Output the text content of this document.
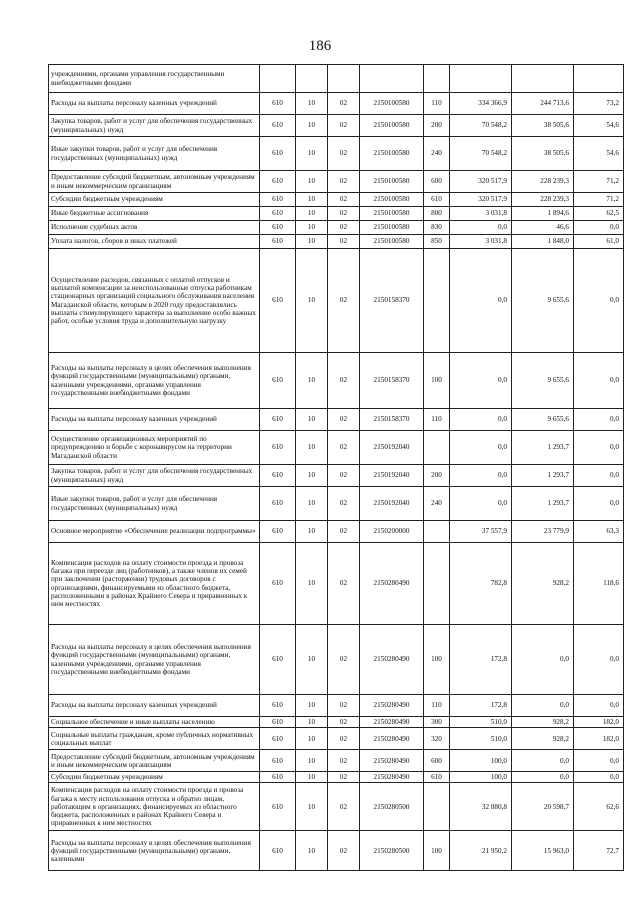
186
учреждениями, органами управления государственными внебюджетными фондами								
Расходы на выплаты персоналу казенных учреждений	610	10	02	2150100580	110	334 366,9	244 713,6	73,2
Закупка товаров, работ и услуг для обеспечения государственных (муниципальных) нужд	610	10	02	2150100580	200	70 548,2	38 505,6	54,6
Иные закупки товаров, работ и услуг для обеспечения государственных (муниципальных) нужд	610	10	02	2150100580	240	70 548,2	38 505,6	54,6
Предоставление субсидий бюджетным, автономным учреждениям и иным некоммерческим организациям	610	10	02	2150100580	600	320 517,9	228 239,3	71,2
Субсидии бюджетным учреждениям	610	10	02	2150100580	610	320 517,9	228 239,3	71,2
Иные бюджетные ассигнования	610	10	02	2150100580	800	3 031,8	1 894,6	62,5
Исполнение судебных актов	610	10	02	2150100580	830	0,0	46,6	0,0
Уплата налогов, сборов и иных платежей	610	10	02	2150100580	850	3 031,8	1 848,0	61,0
Осуществление расходов, связанных с оплатой отпусков и выплатой компенсации за неиспользованные отпуска работникам стационарных организаций социального обслуживания населения Магаданской области, которым в 2020 году предоставлялись выплаты стимулирующего характера за выполнение особо важных работ, особые условия труда и дополнительную нагрузку	610	10	02	2150158370		0,0	9 655,6	0,0
Расходы на выплаты персоналу в целях обеспечения выполнения функций государственными (муниципальными) органами, казенными учреждениями, органами управления государственными внебюджетными фондами	610	10	02	2150158370	100	0,0	9 655,6	0,0
Расходы на выплаты персоналу казенных учреждений	610	10	02	2150158370	110	0,0	9 655,6	0,0
Осуществление организационных мероприятий по предупреждению и борьбе с коронавирусом на территории Магаданской области	610	10	02	2150192040		0,0	1 293,7	0,0
Закупка товаров, работ и услуг для обеспечения государственных (муниципальных) нужд	610	10	02	2150192040	200	0,0	1 293,7	0,0
Иные закупки товаров, работ и услуг для обеспечения государственных (муниципальных) нужд	610	10	02	2150192040	240	0,0	1 293,7	0,0
Основное мероприятие «Обеспечение реализации подпрограммы»	610	10	02	2150200000		37 557,9	23 779,9	63,3
Компенсация расходов на оплату стоимости проезда и провоза багажа при переезде лиц (работников), а также членов их семей при заключении (расторжении) трудовых договоров с организациями, финансируемыми из областного бюджета, расположенными в районах Крайнего Севера и приравненных к ним местностях	610	10	02	2150280490		782,8	928,2	118,6
Расходы на выплаты персоналу в целях обеспечения выполнения функций государственными (муниципальными) органами, казенными учреждениями, органами управления государственными внебюджетными фондами	610	10	02	2150280490	100	172,8	0,0	0,0
Расходы на выплаты персоналу казенных учреждений	610	10	02	2150280490	110	172,8	0,0	0,0
Социальное обеспечение и иные выплаты населению	610	10	02	2150280490	300	510,0	928,2	182,0
Социальные выплаты гражданам, кроме публичных нормативных социальных выплат	610	10	02	2150280490	320	510,0	928,2	182,0
Предоставление субсидий бюджетным, автономным учреждениям и иным некоммерческим организациям	610	10	02	2150280490	600	100,0	0,0	0,0
Субсидии бюджетным учреждениям	610	10	02	2150280490	610	100,0	0,0	0,0
Компенсация расходов на оплату стоимости проезда и провоза багажа к месту использования отпуска и обратно лицам, работающим в организациях, финансируемых из областного бюджета, расположенных в районах Крайнего Севера и приравненных к ним местностях	610	10	02	2150280500		32 880,8	20 598,7	62,6
Расходы на выплаты персоналу в целях обеспечения выполнения функций государственными (муниципальными) органами, казенными	610	10	02	2150280500	100	21 950,2	15 963,0	72,7
